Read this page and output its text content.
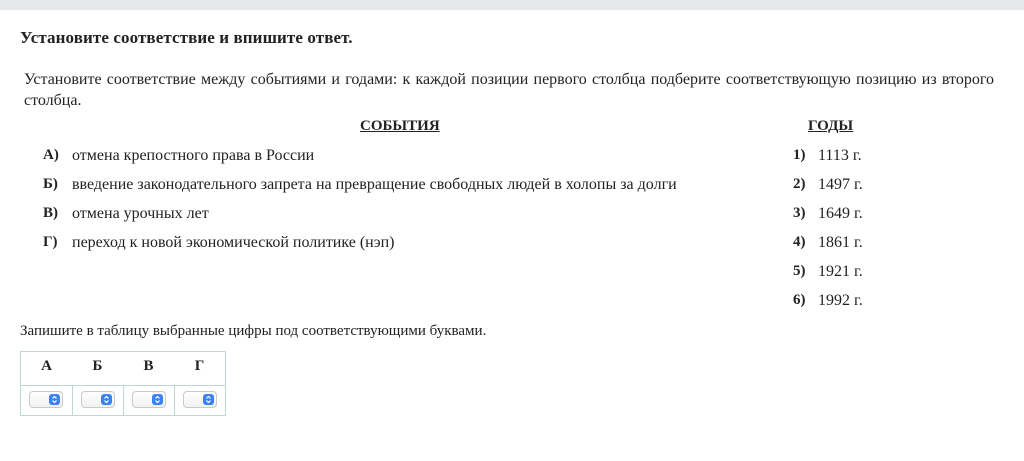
Установите соответствие и впишите ответ.
Установите соответствие между событиями и годами: к каждой позиции первого столбца подберите соответствующую позицию из второго столбца.
СОБЫТИЯ	ГОДЫ
А) отмена крепостного права в России
Б) введение законодательного запрета на превращение свободных людей в холопы за долги
В) отмена урочных лет
Г) переход к новой экономической политике (нэп)
1) 1113 г.
2) 1497 г.
3) 1649 г.
4) 1861 г.
5) 1921 г.
6) 1992 г.
Запишите в таблицу выбранные цифры под соответствующими буквами.
А	Б	В	Г
